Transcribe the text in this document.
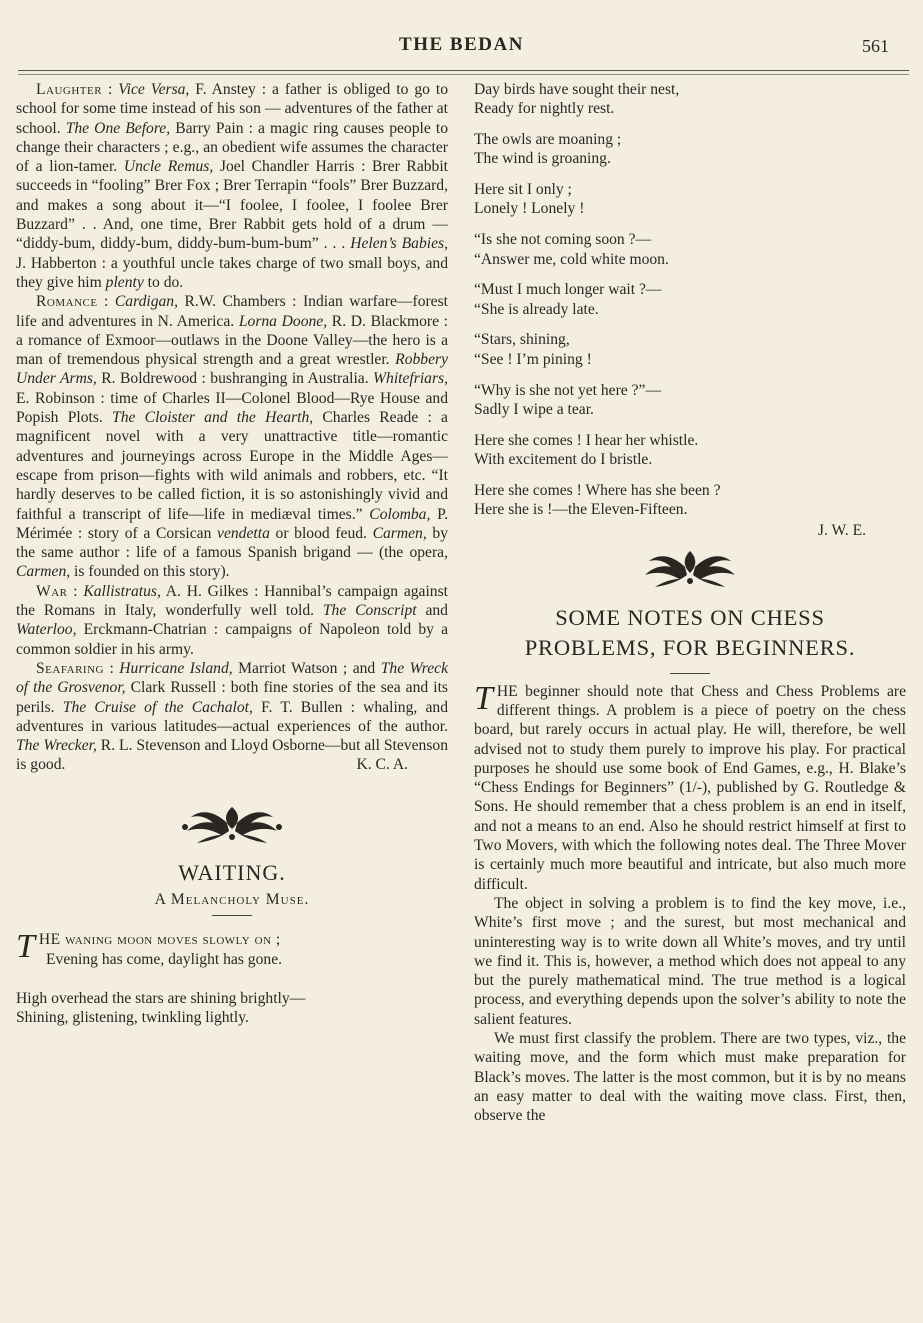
THE BEDAN	561

Laughter : Vice Versa, F. Anstey : a father is obliged to go to school for some time instead of his son — adventures of the father at school. The One Before, Barry Pain : a magic ring causes people to change their characters ; e.g., an obedient wife assumes the character of a lion-tamer. Uncle Remus, Joel Chandler Harris : Brer Rabbit succeeds in “fooling” Brer Fox ; Brer Terrapin “fools” Brer Buzzard, and makes a song about it—“I foolee, I foolee, I foolee Brer Buzzard” . . And, one time, Brer Rabbit gets hold of a drum — “diddy-bum, diddy-bum, diddy-bum-bum-bum” . . . Helen’s Babies, J. Habberton : a youthful uncle takes charge of two small boys, and they give him plenty to do.

Romance : Cardigan, R.W. Chambers : Indian warfare—forest life and adventures in N. America. Lorna Doone, R. D. Blackmore : a romance of Exmoor—outlaws in the Doone Valley—the hero is a man of tremendous physical strength and a great wrestler. Robbery Under Arms, R. Boldrewood : bushranging in Australia. Whitefriars, E. Robinson : time of Charles II—Colonel Blood—Rye House and Popish Plots. The Cloister and the Hearth, Charles Reade : a magnificent novel with a very unattractive title—romantic adventures and journeyings across Europe in the Middle Ages—escape from prison—fights with wild animals and robbers, etc. “It hardly deserves to be called fiction, it is so astonishingly vivid and faithful a transcript of life—life in mediæval times.” Colomba, P. Mérimée : story of a Corsican vendetta or blood feud. Carmen, by the same author : life of a famous Spanish brigand — (the opera, Carmen, is founded on this story).

War : Kallistratus, A. H. Gilkes : Hannibal’s campaign against the Romans in Italy, wonderfully well told. The Conscript and Waterloo, Erckmann-Chatrian : campaigns of Napoleon told by a common soldier in his army.

Seafaring : Hurricane Island, Marriot Watson ; and The Wreck of the Grosvenor, Clark Russell : both fine stories of the sea and its perils. The Cruise of the Cachalot, F. T. Bullen : whaling, and adventures in various latitudes—actual experiences of the author. The Wrecker, R. L. Stevenson and Lloyd Osborne—but all Stevenson is good.	K. C. A.

WAITING.
A Melancholy Muse.
T HE waning moon moves slowly on ;
Evening has come, daylight has gone.
High overhead the stars are shining brightly—
Shining, glistening, twinkling lightly.
Day birds have sought their nest,
Ready for nightly rest.
The owls are moaning ;
The wind is groaning.
Here sit I only ;
Lonely ! Lonely !
“Is she not coming soon ?—
“Answer me, cold white moon.
“Must I much longer wait ?—
“She is already late.
“Stars, shining,
“See ! I’m pining !
“Why is she not yet here ?”—
Sadly I wipe a tear.
Here she comes ! I hear her whistle.
With excitement do I bristle.
Here she comes ! Where has she been ?
Here she is !—the Eleven-Fifteen.
J. W. E.
SOME NOTES ON CHESS
PROBLEMS, FOR BEGINNERS.

THE beginner should note that Chess and Chess Problems are different things. A problem is a piece of poetry on the chess board, but rarely occurs in actual play. He will, therefore, be well advised not to study them purely to improve his play. For practical purposes he should use some book of End Games, e.g., H. Blake’s “Chess Endings for Beginners” (1/-), published by G. Routledge & Sons. He should remember that a chess problem is an end in itself, and not a means to an end. Also he should restrict himself at first to Two Movers, with which the following notes deal. The Three Mover is certainly much more beautiful and intricate, but also much more difficult.

The object in solving a problem is to find the key move, i.e., White’s first move ; and the surest, but most mechanical and uninteresting way is to write down all White’s moves, and try until we find it. This is, however, a method which does not appeal to any but the purely mathematical mind. The true method is a logical process, and everything depends upon the solver’s ability to note the salient features.

We must first classify the problem. There are two types, viz., the waiting move, and the form which must make preparation for Black’s moves. The latter is the most common, but it is by no means an easy matter to deal with the waiting move class. First, then, observe the
